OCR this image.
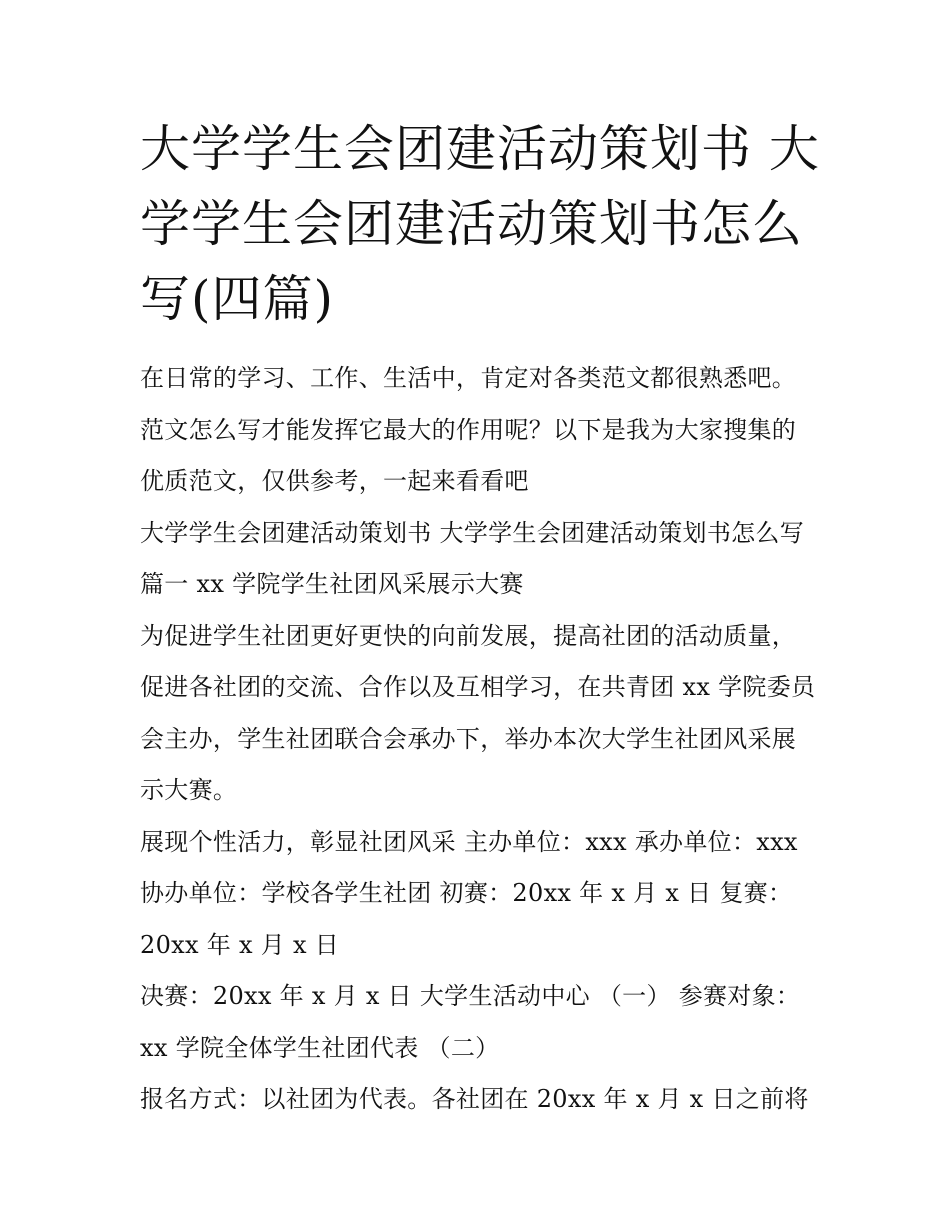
大学学生会团建活动策划书 大学学生会团建活动策划书怎么写(四篇)

在日常的学习、工作、生活中，肯定对各类范文都很熟悉吧。范文怎么写才能发挥它最大的作用呢？以下是我为大家搜集的优质范文，仅供参考，一起来看看吧

大学学生会团建活动策划书 大学学生会团建活动策划书怎么写篇一 xx 学院学生社团风采展示大赛

为促进学生社团更好更快的向前发展，提高社团的活动质量，促进各社团的交流、合作以及互相学习，在共青团 xx 学院委员会主办，学生社团联合会承办下，举办本次大学生社团风采展示大赛。

展现个性活力，彰显社团风采 主办单位：xxx 承办单位：xxx 协办单位：学校各学生社团 初赛：20xx 年 x 月 x 日 复赛：20xx 年 x 月 x 日

决赛：20xx 年 x 月 x 日 大学生活动中心 （一） 参赛对象：xx 学院全体学生社团代表 （二）

报名方式：以社团为代表。各社团在 20xx 年 x 月 x 日之前将
